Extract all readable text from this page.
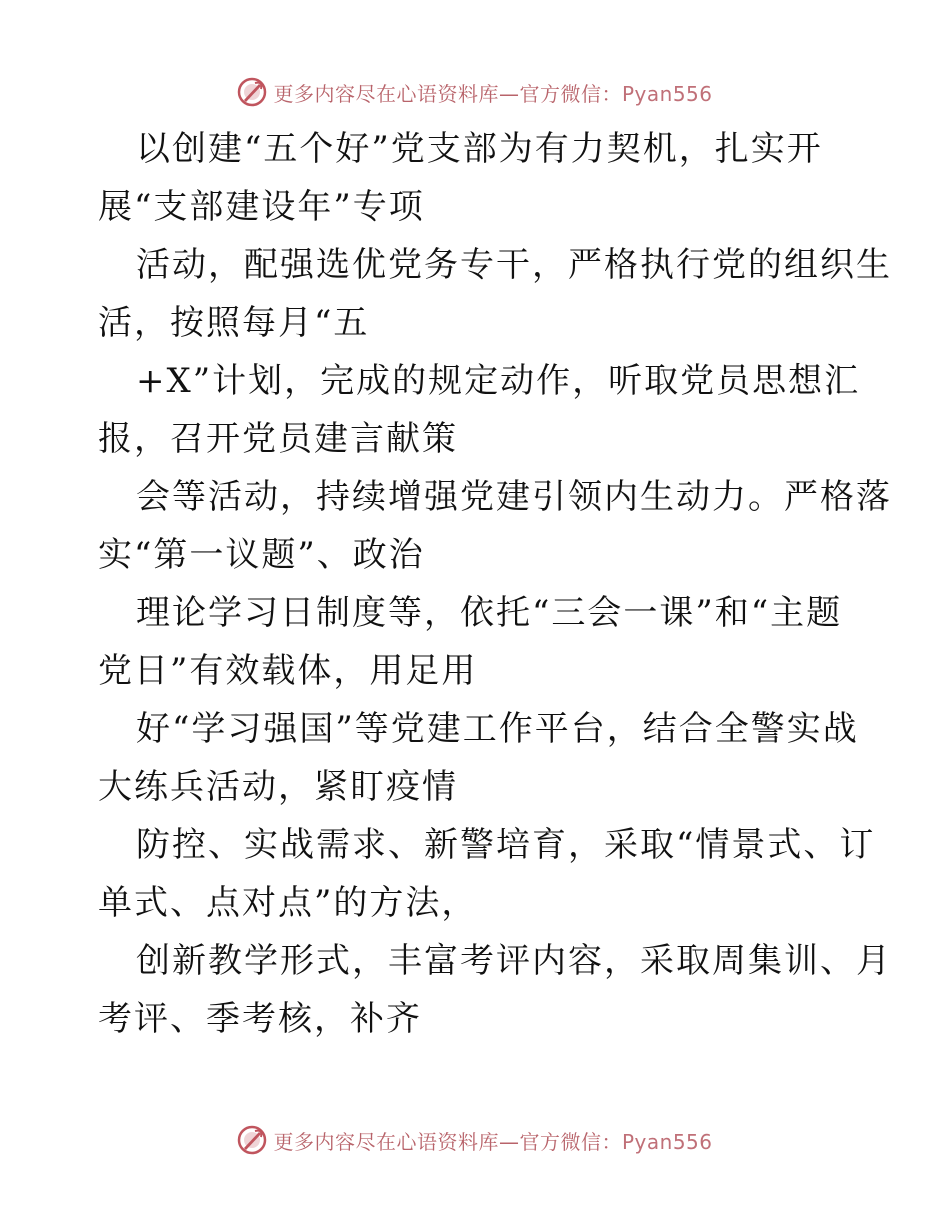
更多内容尽在心语资料库—官方微信：Pyan556
以创建“五个好”党支部为有力契机，扎实开
展“支部建设年”专项
活动，配强选优党务专干，严格执行党的组织生
活，按照每月“五
+X”计划，完成的规定动作，听取党员思想汇
报，召开党员建言献策
会等活动，持续增强党建引领内生动力。严格落
实“第一议题”、政治
理论学习日制度等，依托“三会一课”和“主题
党日”有效载体，用足用
好“学习强国”等党建工作平台，结合全警实战
大练兵活动，紧盯疫情
防控、实战需求、新警培育，采取“情景式、订
单式、点对点”的方法，
创新教学形式，丰富考评内容，采取周集训、月
考评、季考核，补齐
更多内容尽在心语资料库—官方微信：Pyan556
